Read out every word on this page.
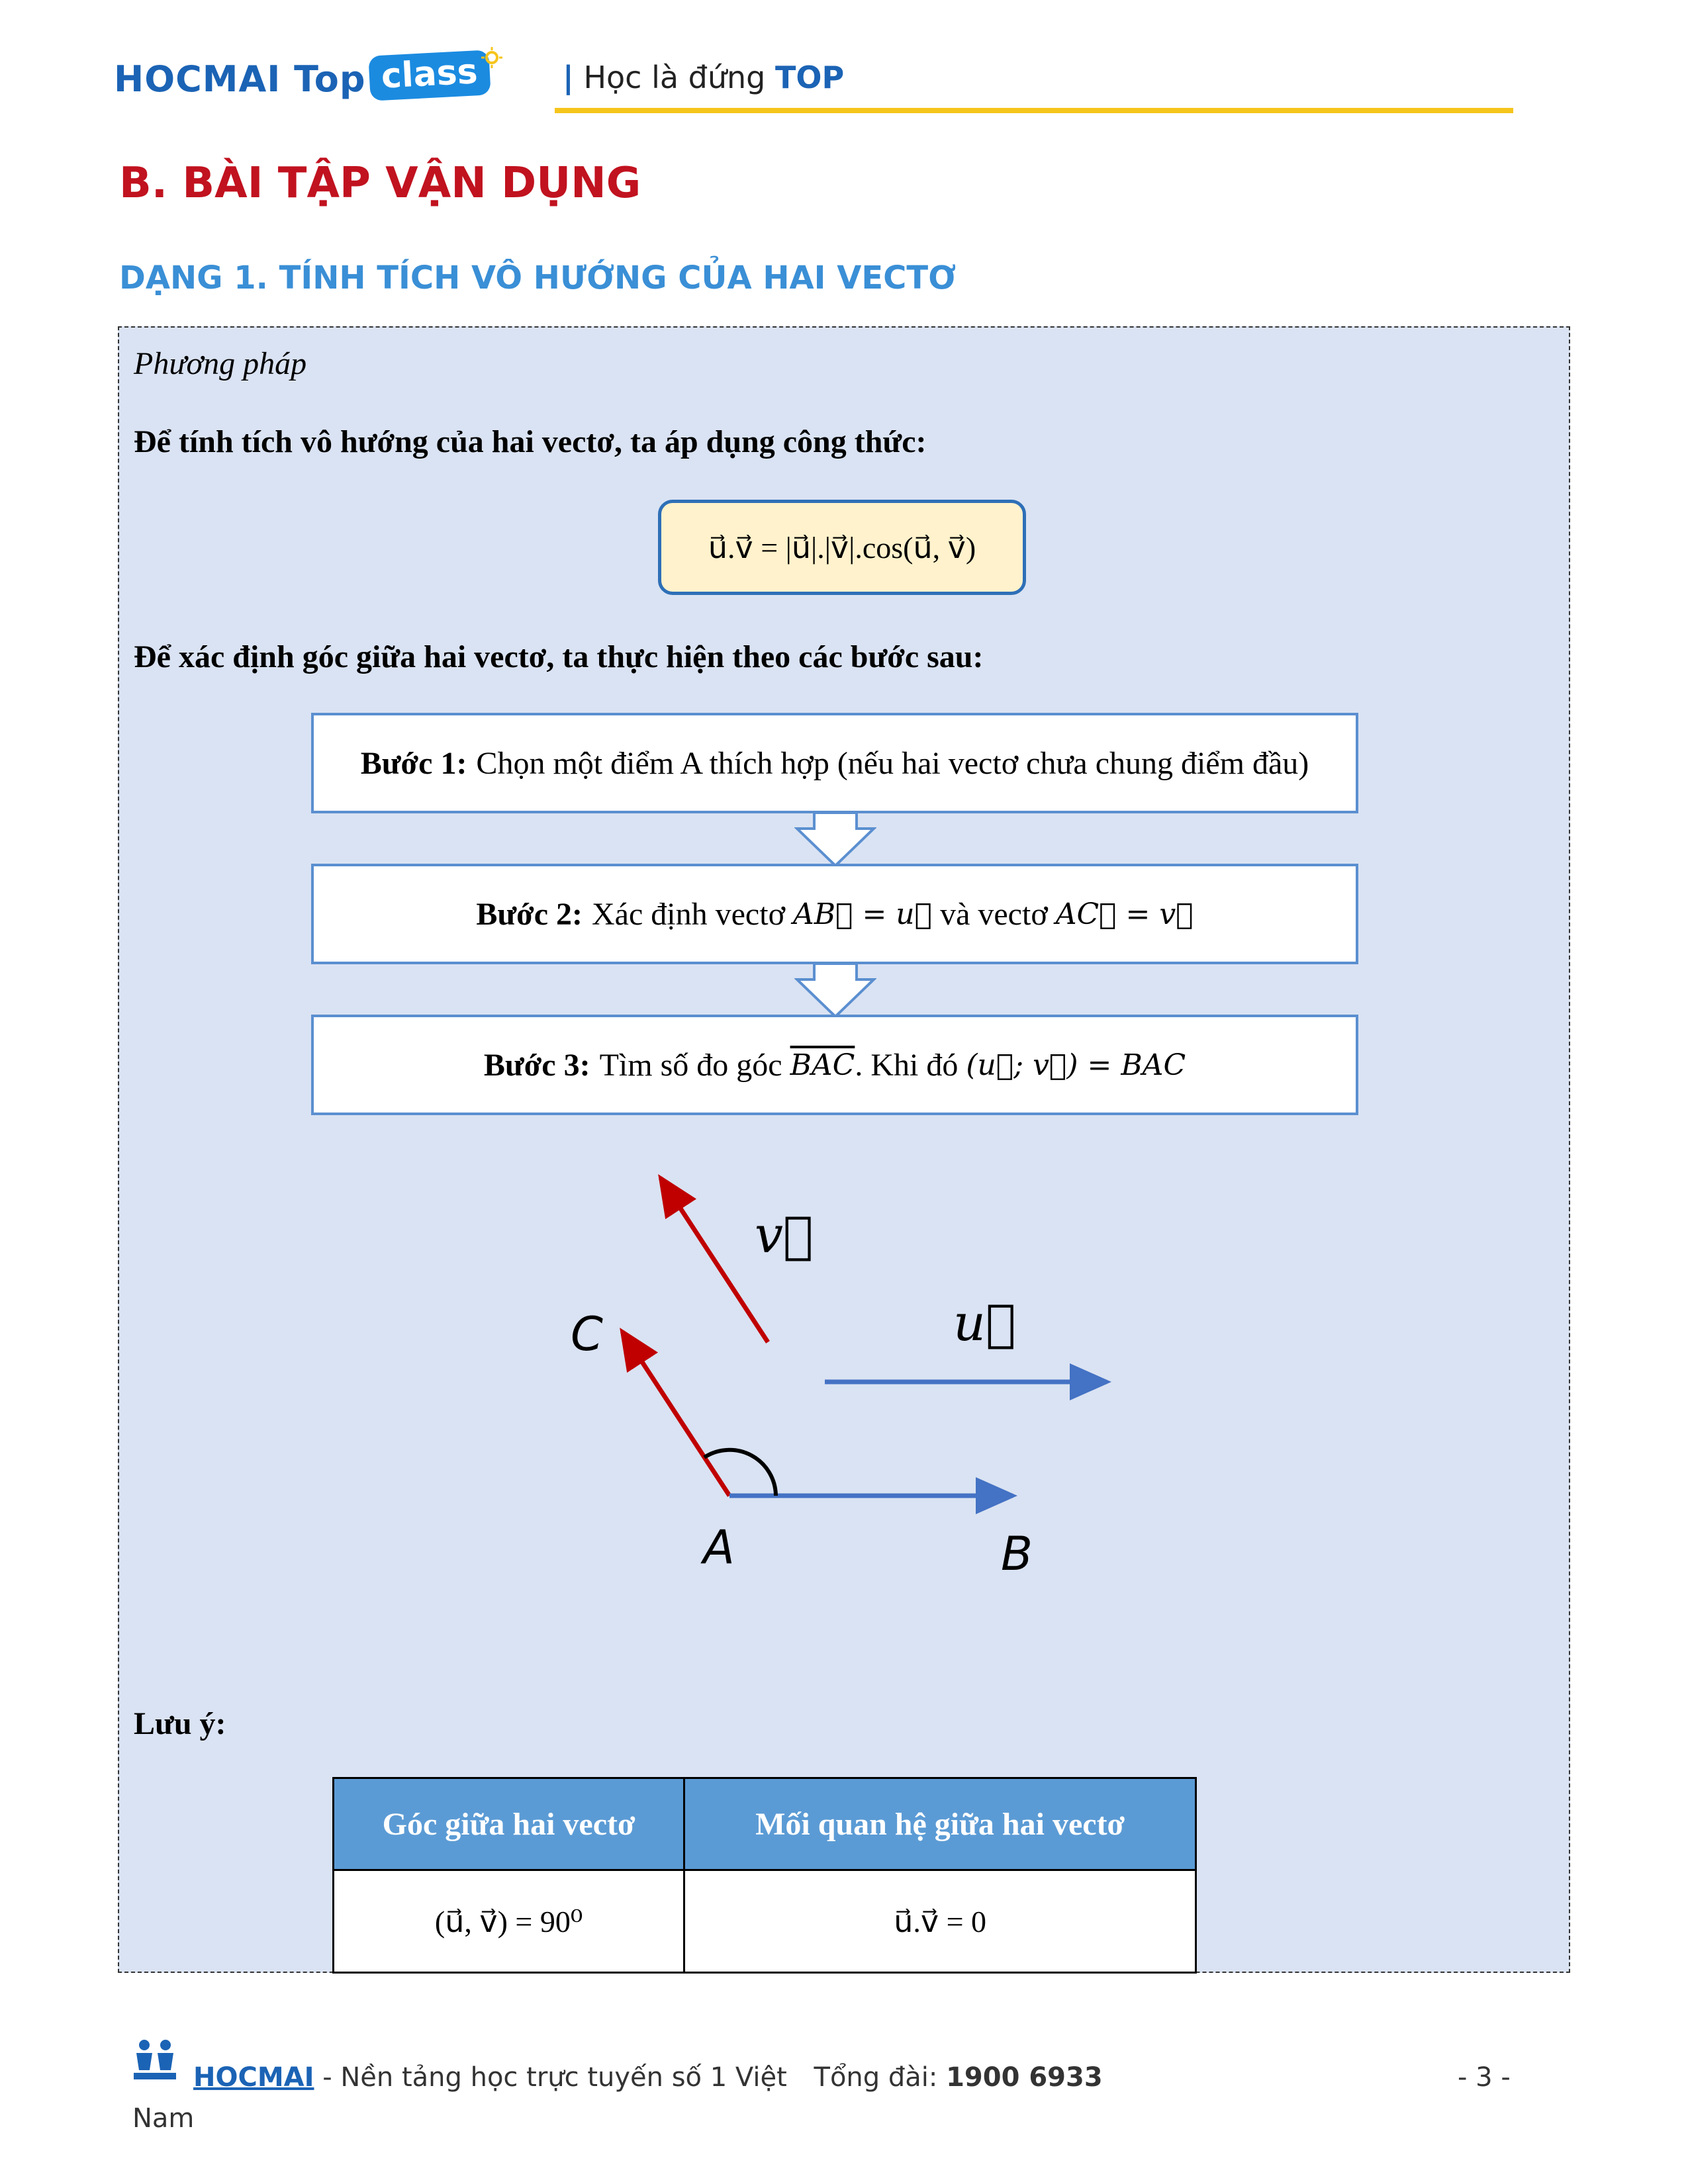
HOCMAI Top class	| Học là đứng TOP
B. BÀI TẬP VẬN DỤNG
DẠNG 1. TÍNH TÍCH VÔ HƯỚNG CỦA HAI VECTƠ
Phương pháp
Để tính tích vô hướng của hai vectơ, ta áp dụng công thức:
u⃗.v⃗ = |u⃗|.|v⃗|.cos(u⃗, v⃗)
Để xác định góc giữa hai vectơ, ta thực hiện theo các bước sau:
Bước 1: Chọn một điểm A thích hợp (nếu hai vectơ chưa chung điểm đầu)
Bước 2: Xác định vectơ
AB⃗ = u⃗
và vectơ
AC⃗ = v⃗
Bước 3: Tìm số đo góc
$\overline{BAC}$ . Khi đó
(u⃗; v⃗) = BAC
v⃗
u⃗
C
A	B
Lưu ý:
Góc giữa hai vectơ	Mối quan hệ giữa hai vectơ
(u⃗, v⃗) = 90⁰	u⃗.v⃗ = 0
HOCMAI - Nền tảng học trực tuyến số 1 Việt Tổng đài: 1900 6933
Nam
- 3 -
